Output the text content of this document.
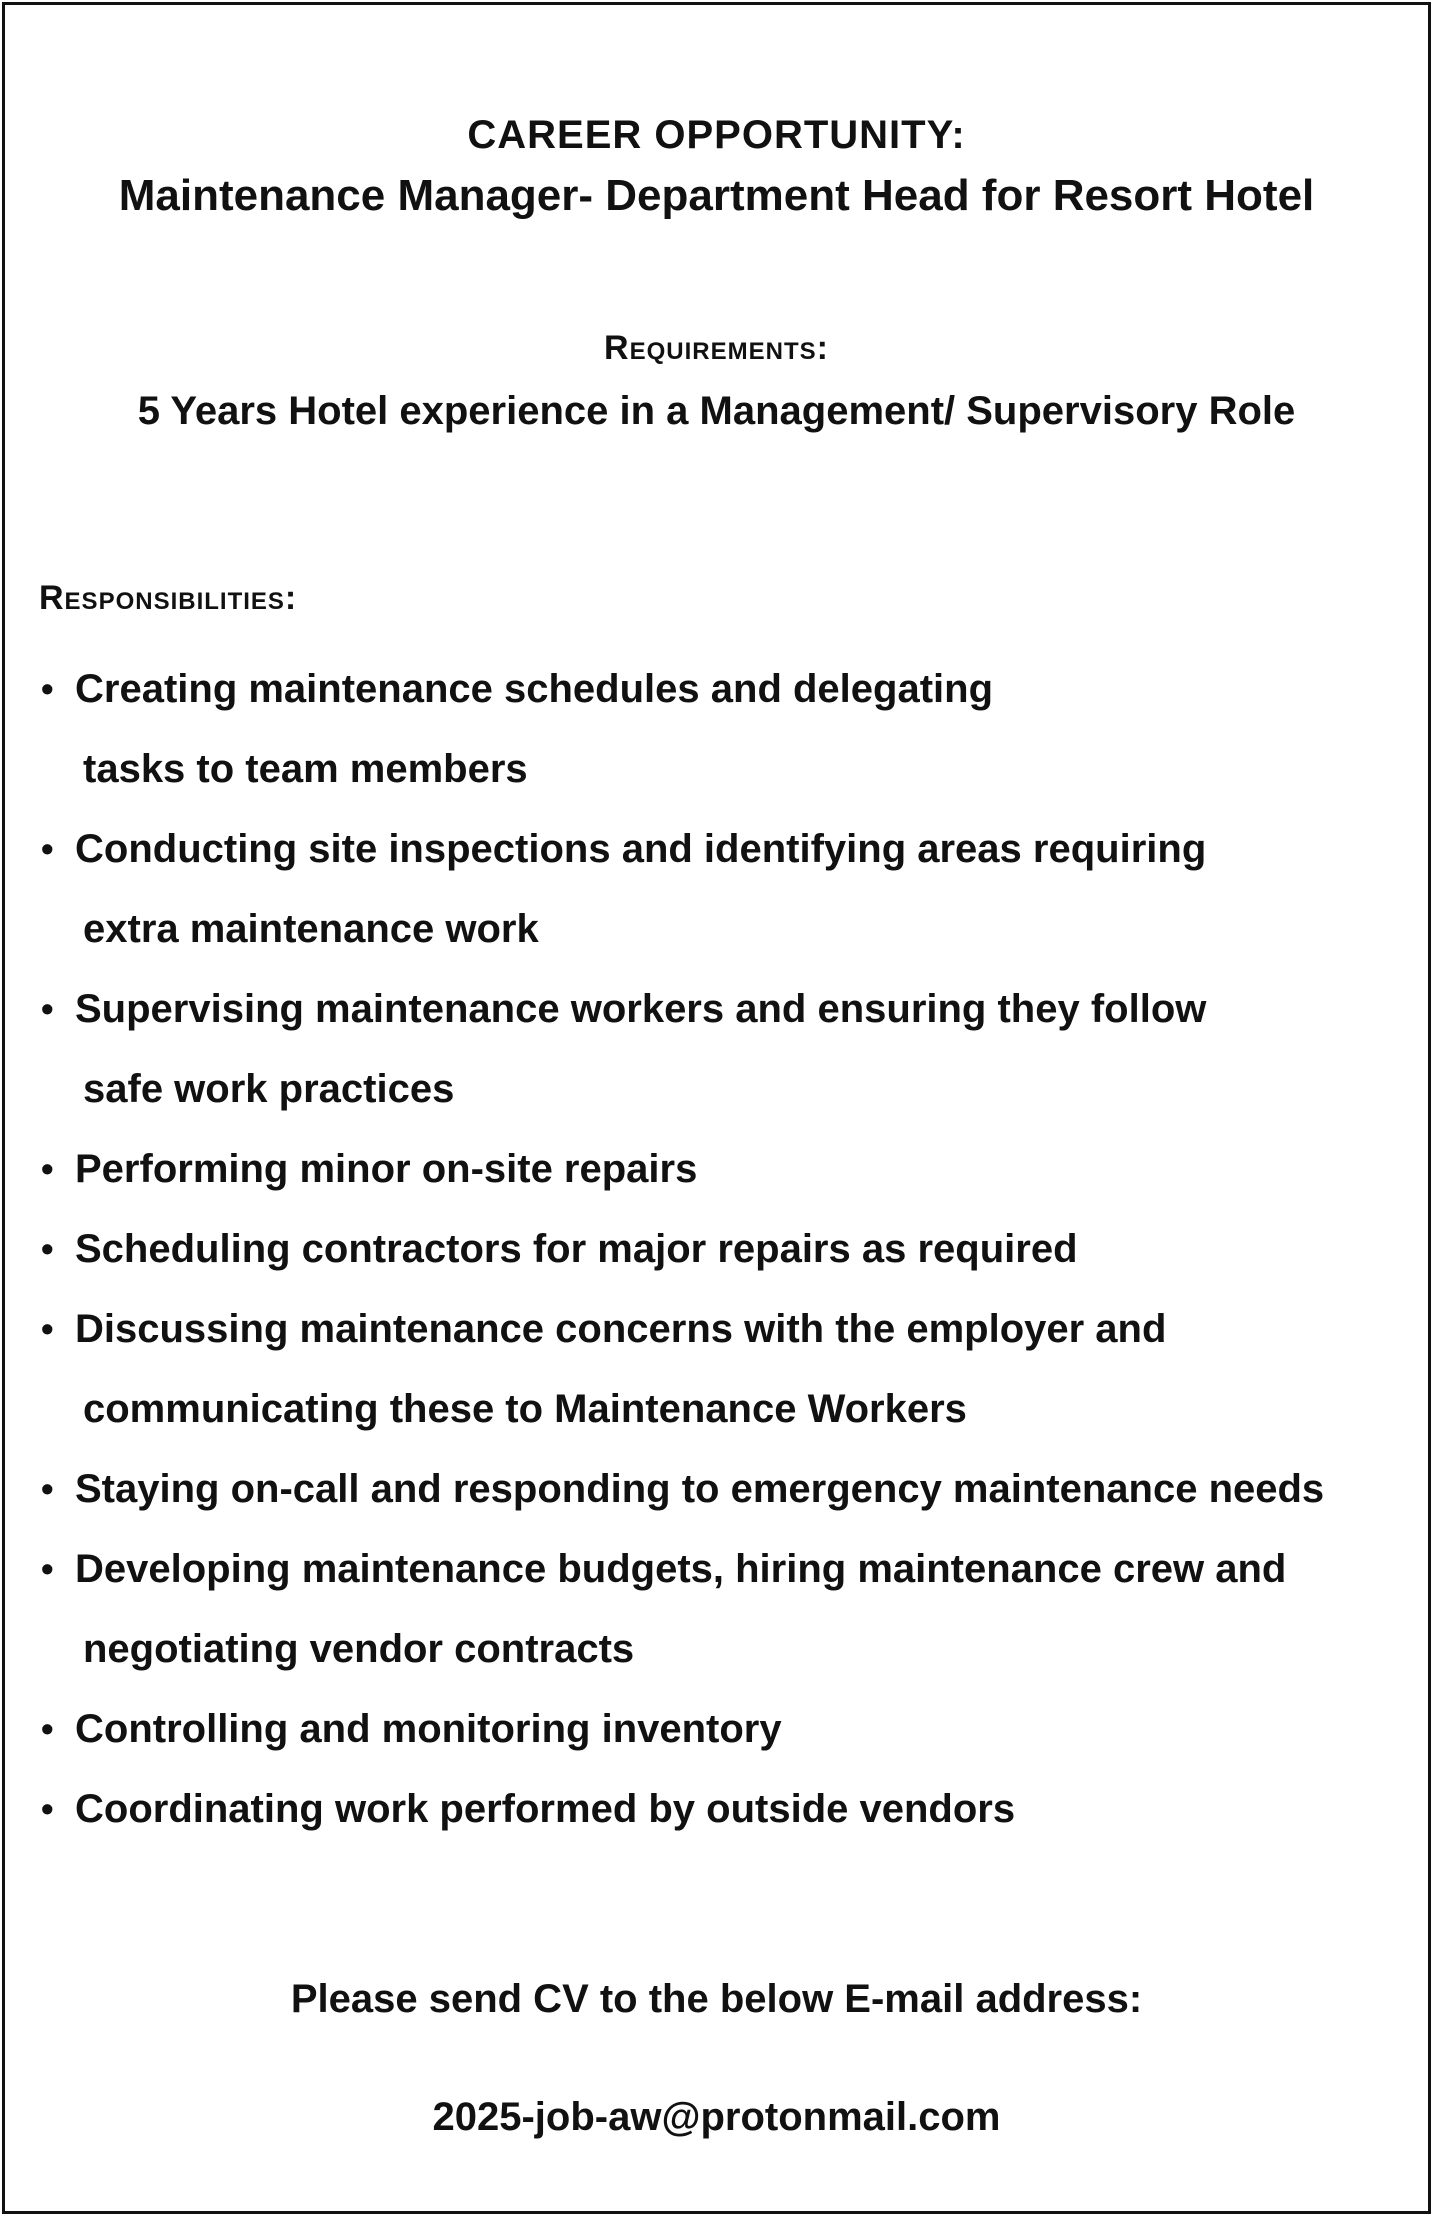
CAREER OPPORTUNITY:
Maintenance Manager- Department Head for Resort Hotel
Requirements:
5 Years Hotel experience in a Management/ Supervisory Role
Responsibilities:
• Creating maintenance schedules and delegating
tasks to team members
• Conducting site inspections and identifying areas requiring
extra maintenance work
• Supervising maintenance workers and ensuring they follow
safe work practices
• Performing minor on-site repairs
• Scheduling contractors for major repairs as required
• Discussing maintenance concerns with the employer and
communicating these to Maintenance Workers
• Staying on-call and responding to emergency maintenance needs
• Developing maintenance budgets, hiring maintenance crew and
negotiating vendor contracts
• Controlling and monitoring inventory
• Coordinating work performed by outside vendors
Please send CV to the below E-mail address:
2025-job-aw@protonmail.com
